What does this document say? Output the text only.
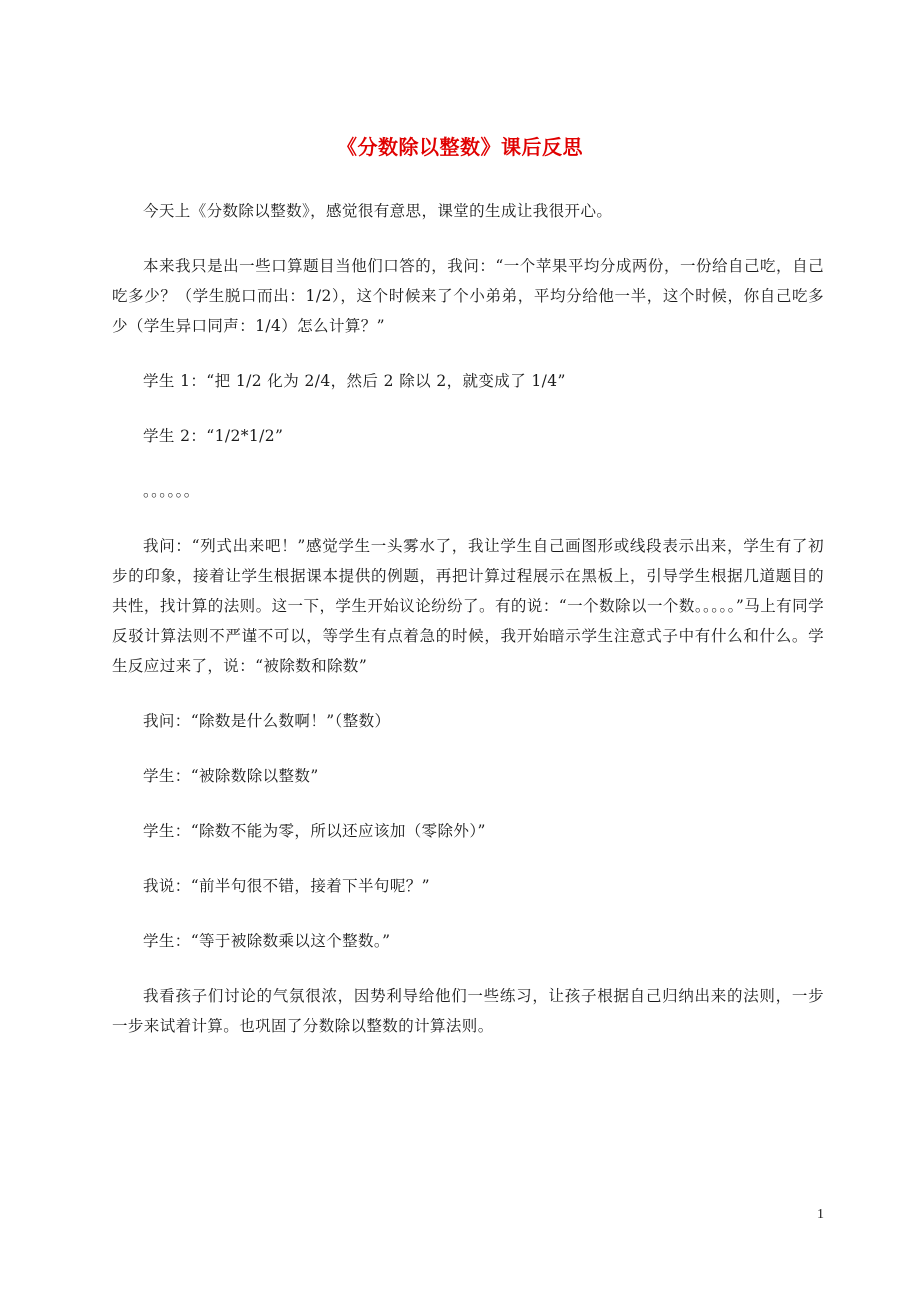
《分数除以整数》课后反思

今天上《分数除以整数》，感觉很有意思，课堂的生成让我很开心。

本来我只是出一些口算题目当他们口答的，我问：“一个苹果平均分成两份，一份给自己吃，自己吃多少？（学生脱口而出：1/2），这个时候来了个小弟弟，平均分给他一半，这个时候，你自己吃多少（学生异口同声：1/4）怎么计算？”

学生 1：“把 1/2 化为 2/4，然后 2 除以 2，就变成了 1/4”

学生 2：“1/2*1/2”

。。。。。。

我问：“列式出来吧！”感觉学生一头雾水了，我让学生自己画图形或线段表示出来，学生有了初步的印象，接着让学生根据课本提供的例题，再把计算过程展示在黑板上，引导学生根据几道题目的共性，找计算的法则。这一下，学生开始议论纷纷了。有的说：“一个数除以一个数。。。。。”马上有同学反驳计算法则不严谨不可以，等学生有点着急的时候，我开始暗示学生注意式子中有什么和什么。学生反应过来了，说：“被除数和除数”

我问：“除数是什么数啊！”（整数）

学生：“被除数除以整数”

学生：“除数不能为零，所以还应该加（零除外）”

我说：“前半句很不错，接着下半句呢？”

学生：“等于被除数乘以这个整数。”

我看孩子们讨论的气氛很浓，因势利导给他们一些练习，让孩子根据自己归纳出来的法则，一步一步来试着计算。也巩固了分数除以整数的计算法则。

1
